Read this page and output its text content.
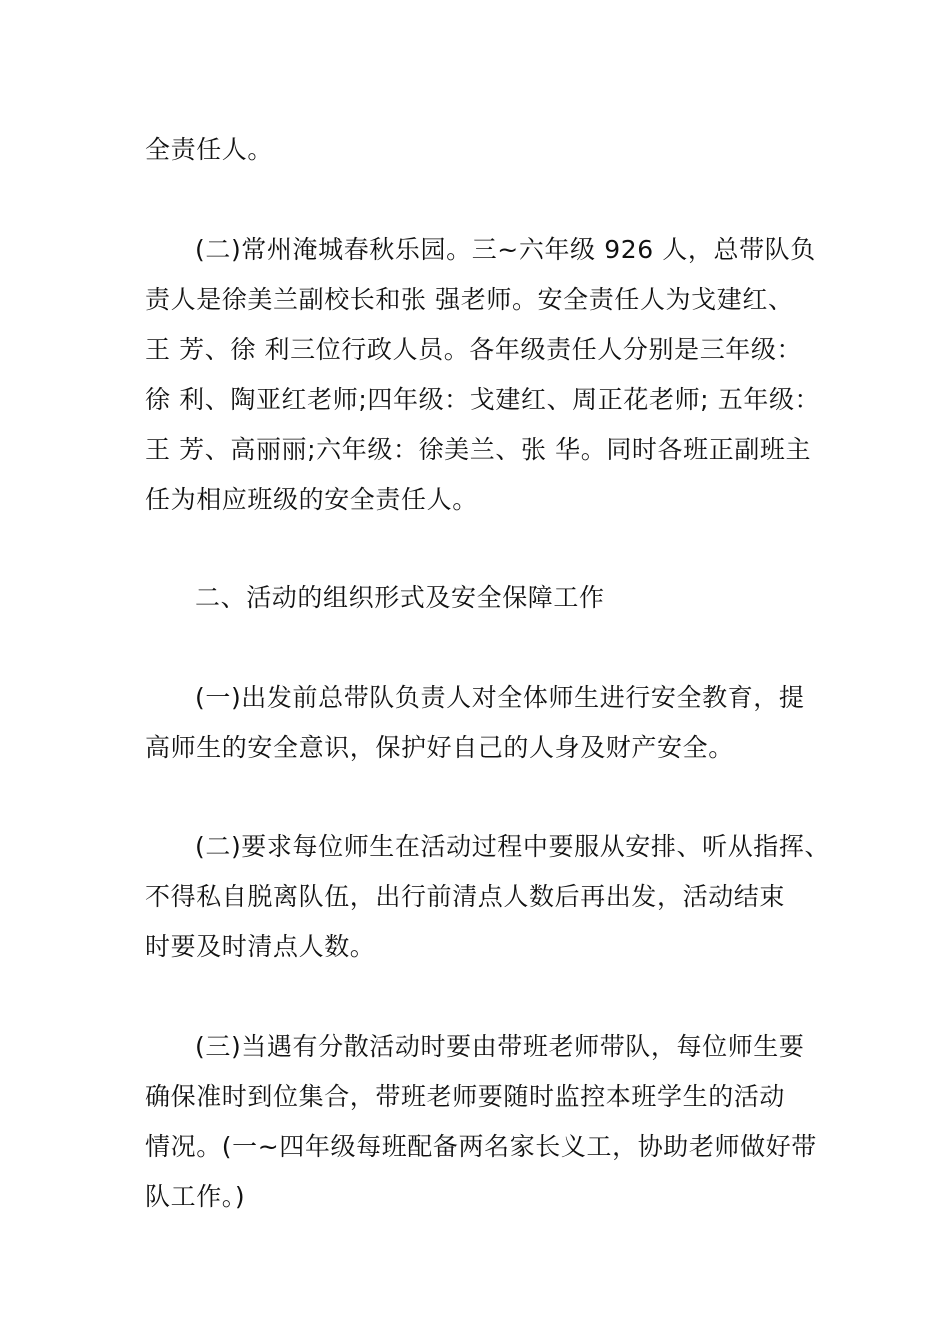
全责任人。
(二)常州淹城春秋乐园。三~六年级 926 人，总带队负
责人是徐美兰副校长和张 强老师。安全责任人为戈建红、
王 芳、徐 利三位行政人员。各年级责任人分别是三年级：
徐 利、陶亚红老师;四年级：戈建红、周正花老师; 五年级：
王 芳、高丽丽;六年级：徐美兰、张 华。同时各班正副班主
任为相应班级的安全责任人。
二、活动的组织形式及安全保障工作
(一)出发前总带队负责人对全体师生进行安全教育，提
高师生的安全意识，保护好自己的人身及财产安全。
(二)要求每位师生在活动过程中要服从安排、听从指挥、
不得私自脱离队伍，出行前清点人数后再出发，活动结束
时要及时清点人数。
(三)当遇有分散活动时要由带班老师带队，每位师生要
确保准时到位集合，带班老师要随时监控本班学生的活动
情况。(一~四年级每班配备两名家长义工，协助老师做好带
队工作。)
